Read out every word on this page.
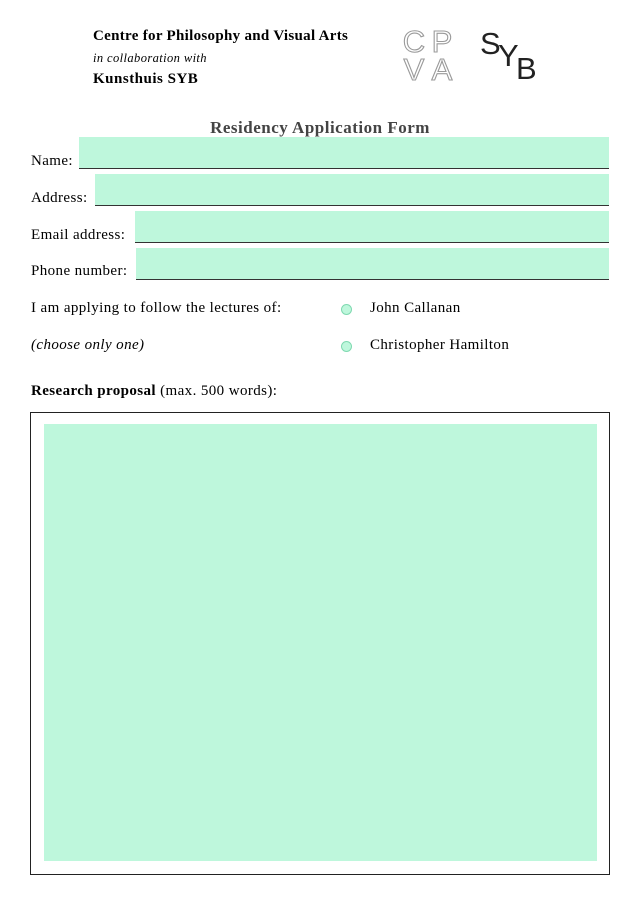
Centre for Philosophy and Visual Arts
in collaboration with
Kunsthuis SYB
C P
V A
S
Y
B
Residency Application Form
Name:
Address:
Email address:
Phone number:
I am applying to follow the lectures of:
(choose only one)
John Callanan
Christopher Hamilton
Research proposal (max. 500 words):
